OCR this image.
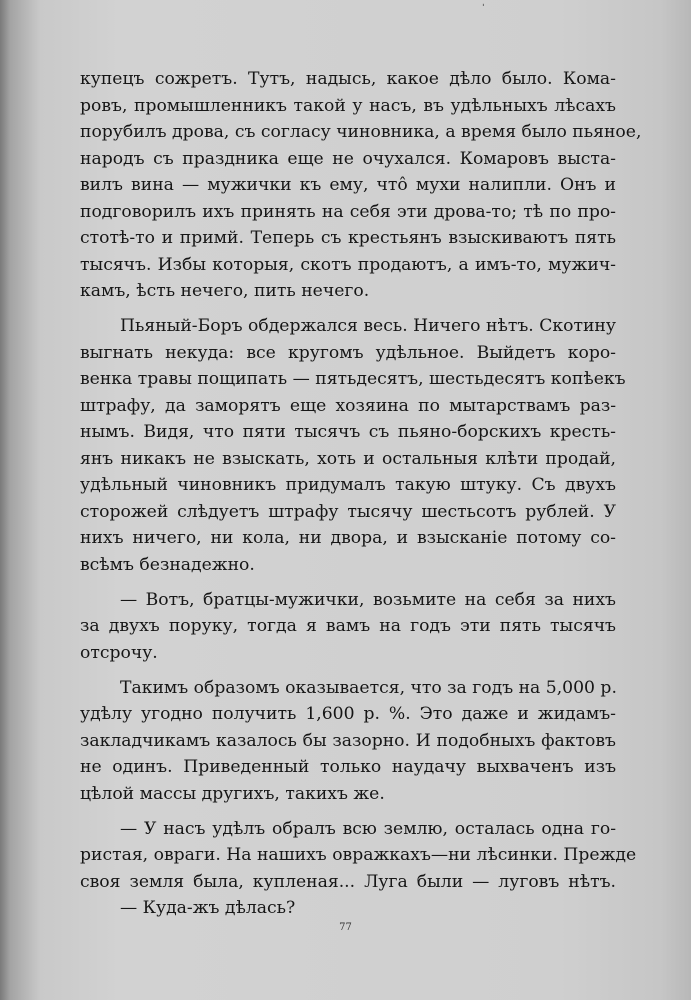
ˈ
купецъ сожретъ. Тутъ, надысь, какое дѣло было. Кома-
ровъ, промышленникъ такой у насъ, въ удѣльныхъ лѣсахъ
порубилъ дрова, съ согласу чиновника, а время было пьяное,
народъ съ праздника еще не очухался. Комаровъ выста-
вилъ вина — мужички къ ему, что̂ мухи налипли. Онъ и
подговорилъ ихъ принять на себя эти дрова-то; тѣ по про-
стотѣ-то и примй. Теперь съ крестьянъ взыскиваютъ пять
тысячъ. Избы которыя, скотъ продаютъ, а имъ-то, мужич-
камъ, ѣсть нечего, пить нечего.
Пьяный-Боръ обдержался весь. Ничего нѣтъ. Скотину
выгнать некуда: все кругомъ удѣльное. Выйдетъ коро-
венка травы пощипать — пятьдесятъ, шестьдесятъ копѣекъ
штрафу, да заморятъ еще хозяина по мытарствамъ раз-
нымъ. Видя, что пяти тысячъ съ пьяно-борскихъ кресть-
янъ никакъ не взыскать, хоть и остальныя клѣти продай,
удѣльный чиновникъ придумалъ такую штуку. Съ двухъ
сторожей слѣдуетъ штрафу тысячу шестьсотъ рублей. У
нихъ ничего, ни кола, ни двора, и взысканіе потому со-
всѣмъ безнадежно.
— Вотъ, братцы-мужички, возьмите на себя за нихъ
за двухъ поруку, тогда я вамъ на годъ эти пять тысячъ
отсрочу.
Такимъ образомъ оказывается, что за годъ на 5,000 р.
удѣлу угодно получить 1,600 р. %. Это даже и жидамъ-
закладчикамъ казалось бы зазорно. И подобныхъ фактовъ
не одинъ. Приведенный только наудачу выхваченъ изъ
цѣлой массы другихъ, такихъ же.
— У насъ удѣлъ обралъ всю землю, осталась одна го-
ристая, овраги. На нашихъ овражкахъ—ни лѣсинки. Прежде
своя земля была, купленая... Луга были — луговъ нѣтъ.
— Куда-жъ дѣлась?
77
